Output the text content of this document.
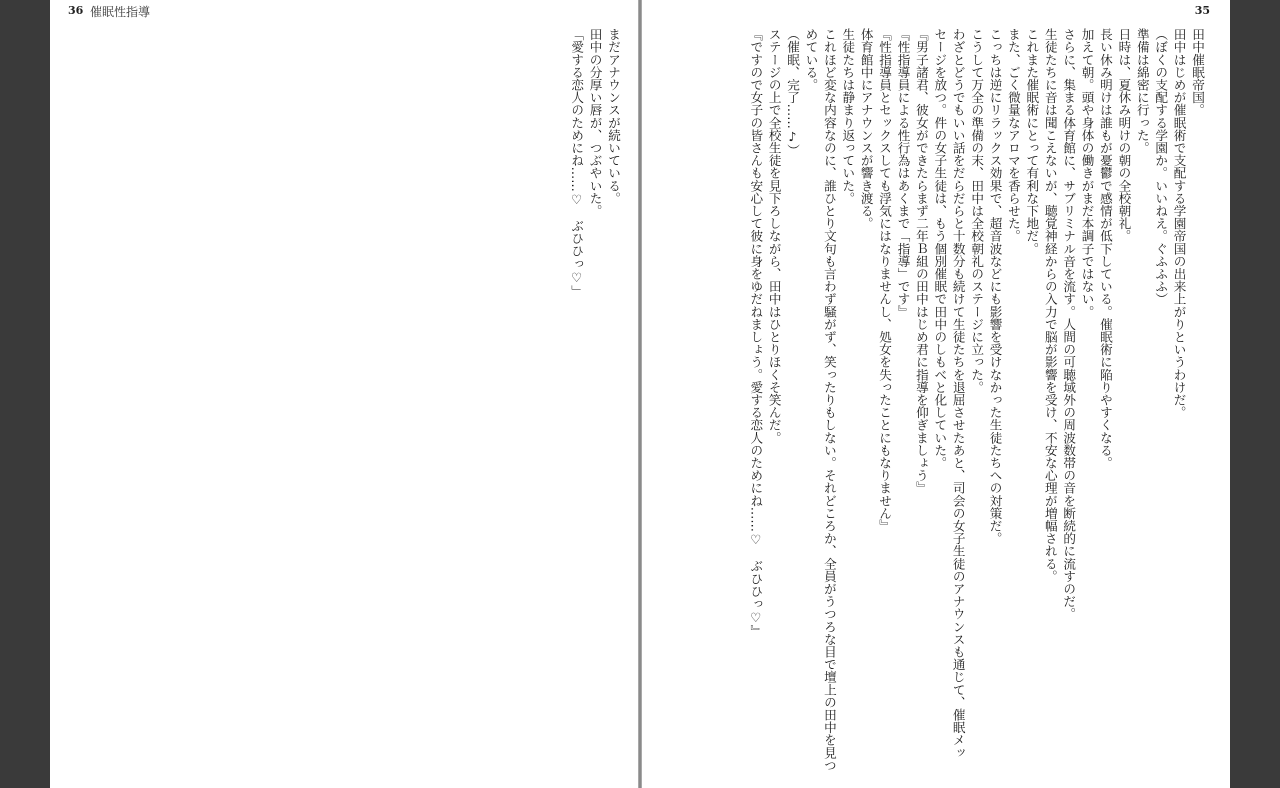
36 催眠性指導
まだアナウンスが続いている。
田中の分厚い唇が、つぶやいた。
「愛する恋人のためにね……♡　ぶひひっ♡」
35
田中催眠帝国。
田中はじめが催眠術で支配する学園帝国の出来上がりというわけだ。
（ぼくの支配する学園か。いいねえ。ぐふふふ）
準備は綿密に行った。
日時は、夏休み明けの朝の全校朝礼。
長い休み明けは誰もが憂鬱で感情が低下している。催眠術に陥りやすくなる。
加えて朝。頭や身体の働きがまだ本調子ではない。
さらに、集まる体育館に、サブリミナル音を流す。人間の可聴域外の周波数帯の音を断続的に流すのだ。
生徒たちに音は聞こえないが、聴覚神経からの入力で脳が影響を受け、不安な心理が増幅される。
これまた催眠術にとって有利な下地だ。
また、ごく微量なアロマを香らせた。
こっちは逆にリラックス効果で、超音波などにも影響を受けなかった生徒たちへの対策だ。
こうして万全の準備の末、田中は全校朝礼のステージに立った。
わざとどうでもいい話をだらだらと十数分も続けて生徒たちを退屈させたあと、司会の女子生徒のアナウンスも通じて、催眠メッ
セージを放つ。件の女子生徒は、もう個別催眠で田中のしもべと化していた。
『男子諸君、彼女ができたらまず二年Ｂ組の田中はじめ君に指導を仰ぎましょう』
『性指導員による性行為はあくまで「指導」です』
『性指導員とセックスしても浮気にはなりませんし、処女を失ったことにもなりません』
体育館中にアナウンスが響き渡る。
生徒たちは静まり返っていた。
これほど変な内容なのに、誰ひとり文句も言わず騒がず、笑ったりもしない。それどころか、全員がうつろな目で壇上の田中を見つ
めている。
（催眠、完了……♪）
ステージの上で全校生徒を見下ろしながら、田中はひとりほくそ笑んだ。
『ですので女子の皆さんも安心して彼に身をゆだねましょう。愛する恋人のためにね……♡　ぶひひっ♡』
